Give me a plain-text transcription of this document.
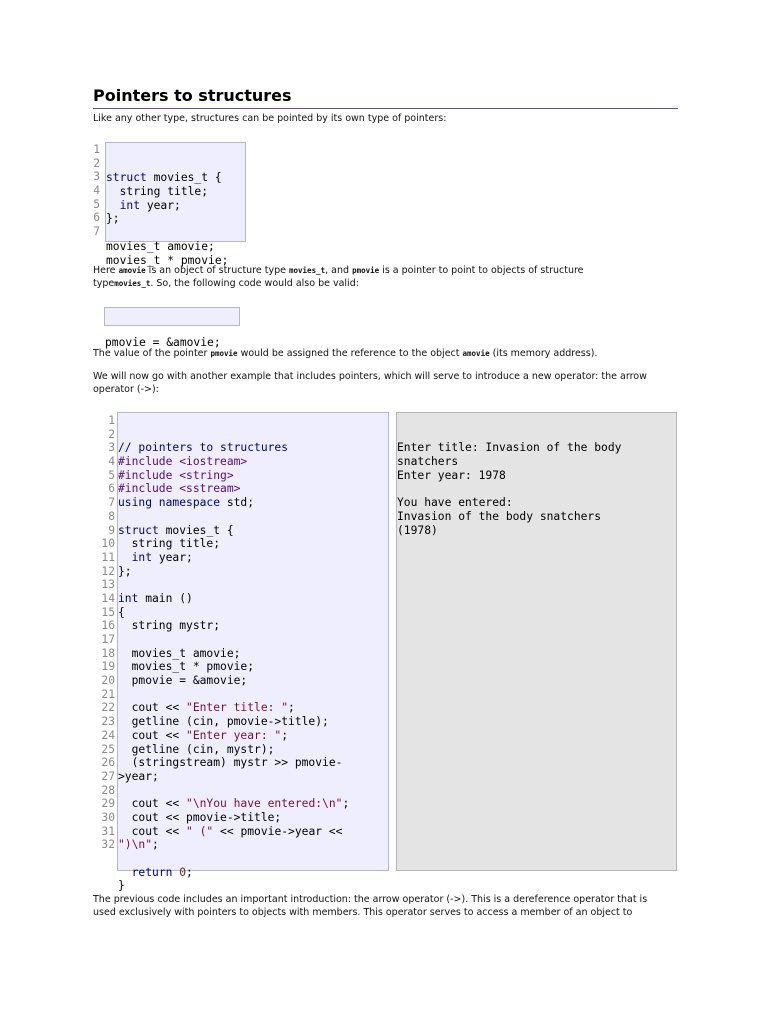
Pointers to structures

Like any other type, structures can be pointed by its own type of pointers:

1
2
3
4
5
6
7

struct movies_t {
string title;
int year;
};

movies_t amovie;
movies_t * pmovie;

Here amovie is an object of structure type movies_t, and pmovie is a pointer to point to objects of structure typemovies_t. So, the following code would also be valid:

pmovie = &amovie;

The value of the pointer pmovie would be assigned the reference to the object amovie (its memory address).

We will now go with another example that includes pointers, which will serve to introduce a new operator: the arrow operator (->):

1
2
3
4
5
6
7
8
9
10
11
12
13
14
15
16
17
18
19
20
21
22
23
24
25
26
27
28
29
30
31
32

// pointers to structures
#include <iostream>
#include <string>
#include <sstream>
using namespace std;

struct movies_t {
string title;
int year;
};

int main ()
{
string mystr;

movies_t amovie;
movies_t * pmovie;
pmovie = &amovie;

cout << "Enter title: ";
getline (cin, pmovie->title);
cout << "Enter year: ";
getline (cin, mystr);
(stringstream) mystr >> pmovie-
>year;

cout << "\nYou have entered:\n";
cout << pmovie->title;
cout << " (" << pmovie->year <<
")\n";

return 0;
}

Enter title: Invasion of the body
snatchers
Enter year: 1978

You have entered:
Invasion of the body snatchers
(1978)

The previous code includes an important introduction: the arrow operator (->). This is a dereference operator that is used exclusively with pointers to objects with members. This operator serves to access a member of an object to
